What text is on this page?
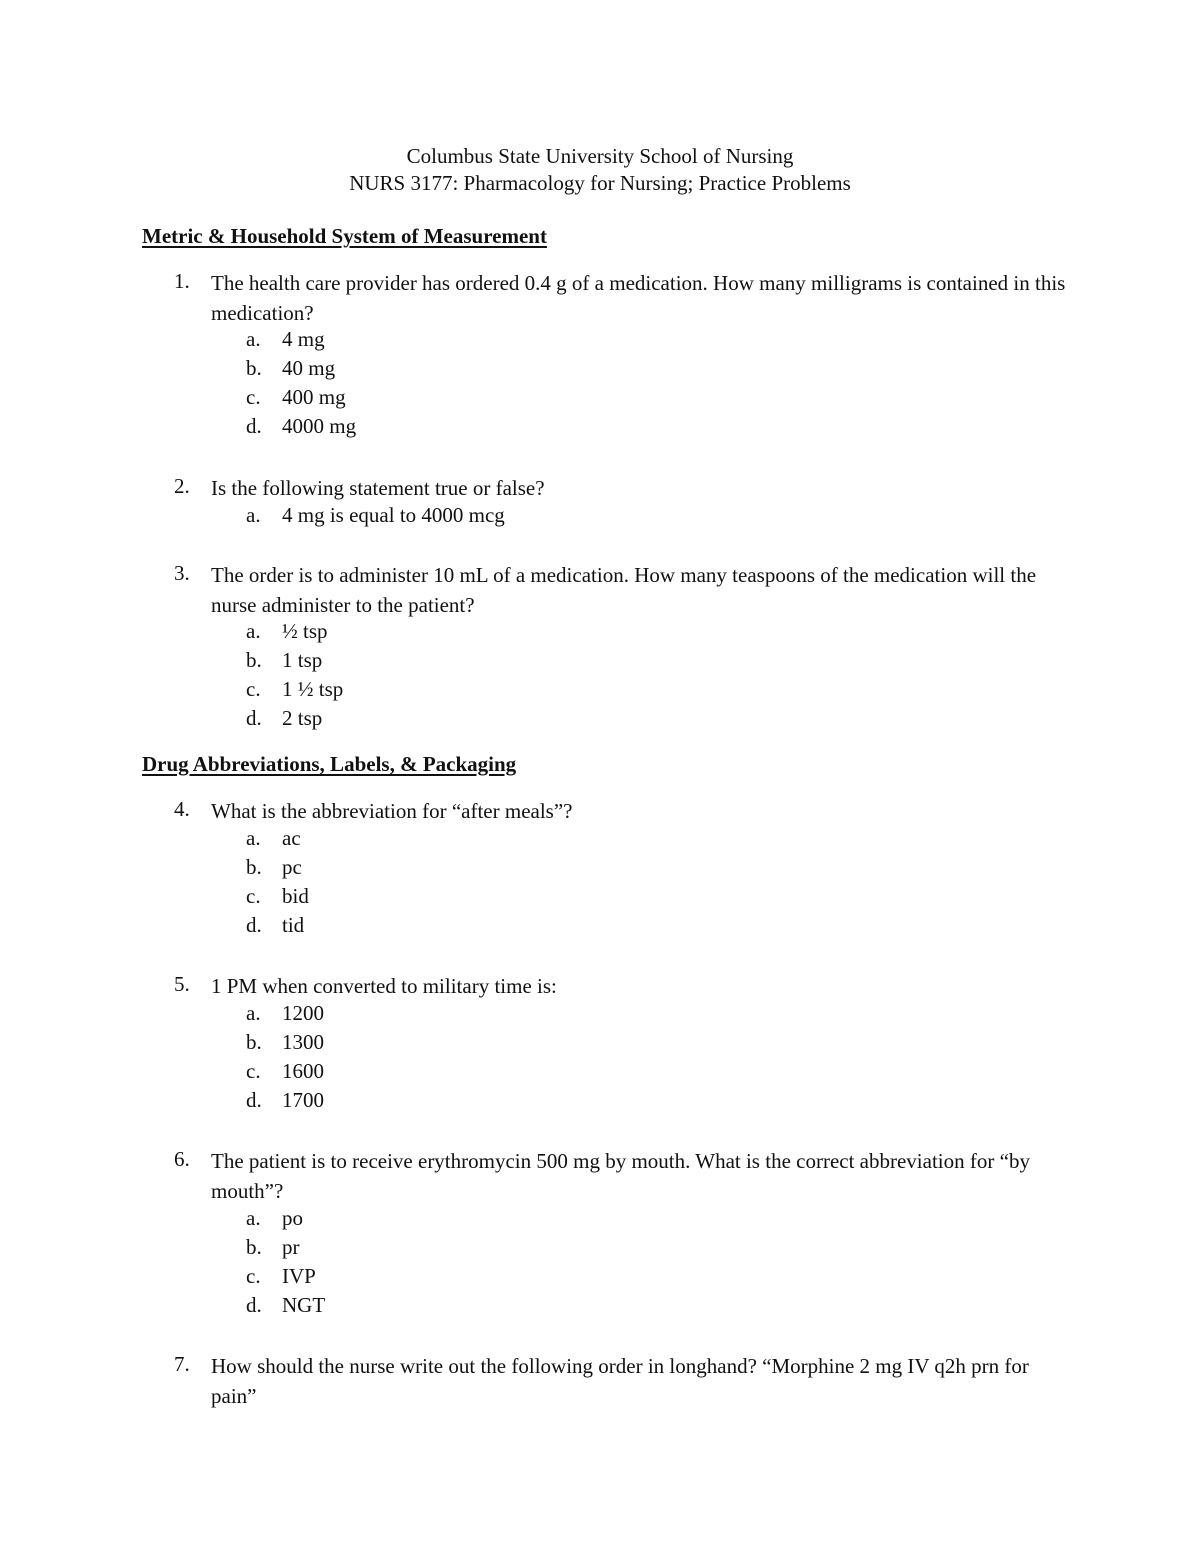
Columbus State University School of Nursing
NURS 3177: Pharmacology for Nursing; Practice Problems
Metric & Household System of Measurement
1. The health care provider has ordered 0.4 g of a medication. How many milligrams is contained in this medication?
a. 4 mg
b. 40 mg
c. 400 mg
d. 4000 mg
2. Is the following statement true or false?
a. 4 mg is equal to 4000 mcg
3. The order is to administer 10 mL of a medication. How many teaspoons of the medication will the nurse administer to the patient?
a. ½ tsp
b. 1 tsp
c. 1 ½ tsp
d. 2 tsp
Drug Abbreviations, Labels, & Packaging
4. What is the abbreviation for “after meals”?
a. ac
b. pc
c. bid
d. tid
5. 1 PM when converted to military time is:
a. 1200
b. 1300
c. 1600
d. 1700
6. The patient is to receive erythromycin 500 mg by mouth. What is the correct abbreviation for “by mouth”?
a. po
b. pr
c. IVP
d. NGT
7. How should the nurse write out the following order in longhand? “Morphine 2 mg IV q2h prn for pain”
